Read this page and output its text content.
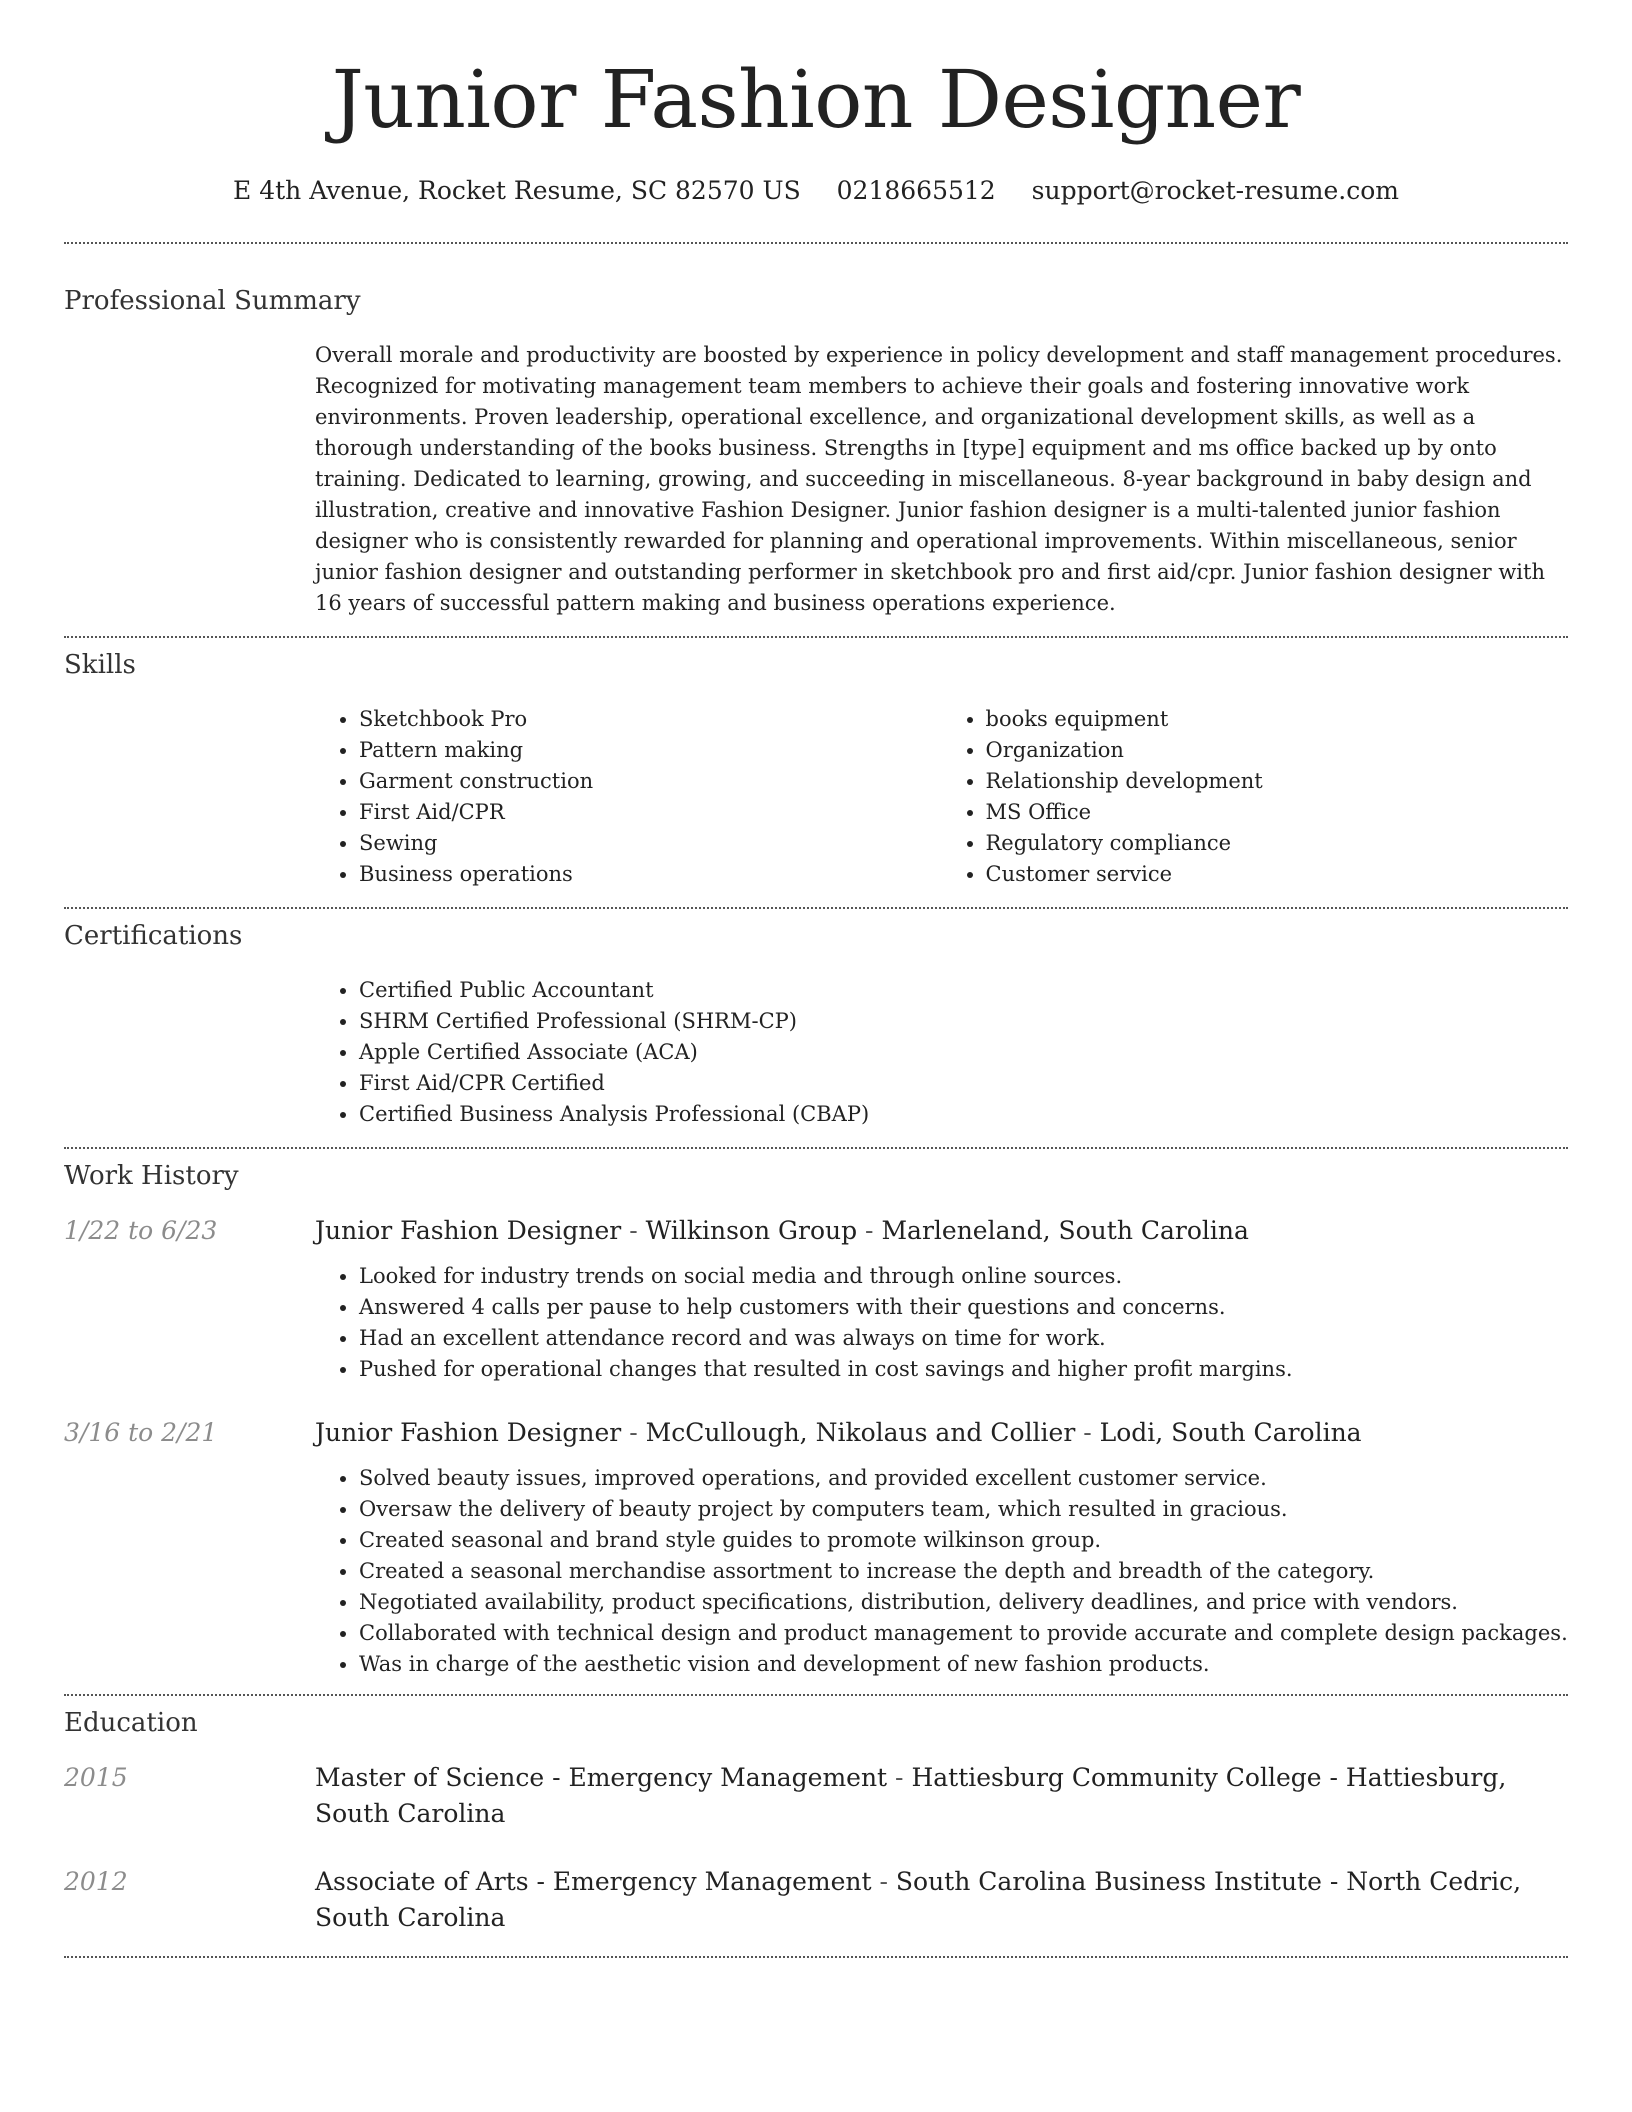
Junior Fashion Designer
E 4th Avenue, Rocket Resume, SC 82570 US 0218665512 support@rocket-resume.com
Professional Summary

Overall morale and productivity are boosted by experience in policy development and staff management procedures. Recognized for motivating management team members to achieve their goals and fostering innovative work environments. Proven leadership, operational excellence, and organizational development skills, as well as a thorough understanding of the books business. Strengths in [type] equipment and ms office backed up by onto training. Dedicated to learning, growing, and succeeding in miscellaneous. 8-year background in baby design and illustration, creative and innovative Fashion Designer. Junior fashion designer is a multi-talented junior fashion designer who is consistently rewarded for planning and operational improvements. Within miscellaneous, senior junior fashion designer and outstanding performer in sketchbook pro and first aid/cpr. Junior fashion designer with 16 years of successful pattern making and business operations experience.

Skills
• Sketchbook Pro
• Pattern making
• Garment construction
• First Aid/CPR
• Sewing
• Business operations
• books equipment
• Organization
• Relationship development
• MS Office
• Regulatory compliance
• Customer service
Certifications
• Certified Public Accountant
• SHRM Certified Professional (SHRM-CP)
• Apple Certified Associate (ACA)
• First Aid/CPR Certified
• Certified Business Analysis Professional (CBAP)
Work History
1/22 to 6/23	Junior Fashion Designer - Wilkinson Group - Marleneland, South Carolina
• Looked for industry trends on social media and through online sources.
• Answered 4 calls per pause to help customers with their questions and concerns.
• Had an excellent attendance record and was always on time for work.
• Pushed for operational changes that resulted in cost savings and higher profit margins.
3/16 to 2/21	Junior Fashion Designer - McCullough, Nikolaus and Collier - Lodi, South Carolina
• Solved beauty issues, improved operations, and provided excellent customer service.
• Oversaw the delivery of beauty project by computers team, which resulted in gracious.
• Created seasonal and brand style guides to promote wilkinson group.
• Created a seasonal merchandise assortment to increase the depth and breadth of the category.
• Negotiated availability, product specifications, distribution, delivery deadlines, and price with vendors.
• Collaborated with technical design and product management to provide accurate and complete design packages.
• Was in charge of the aesthetic vision and development of new fashion products.
Education
2015	Master of Science - Emergency Management - Hattiesburg Community College - Hattiesburg, South Carolina
2012	Associate of Arts - Emergency Management - South Carolina Business Institute - North Cedric, South Carolina
